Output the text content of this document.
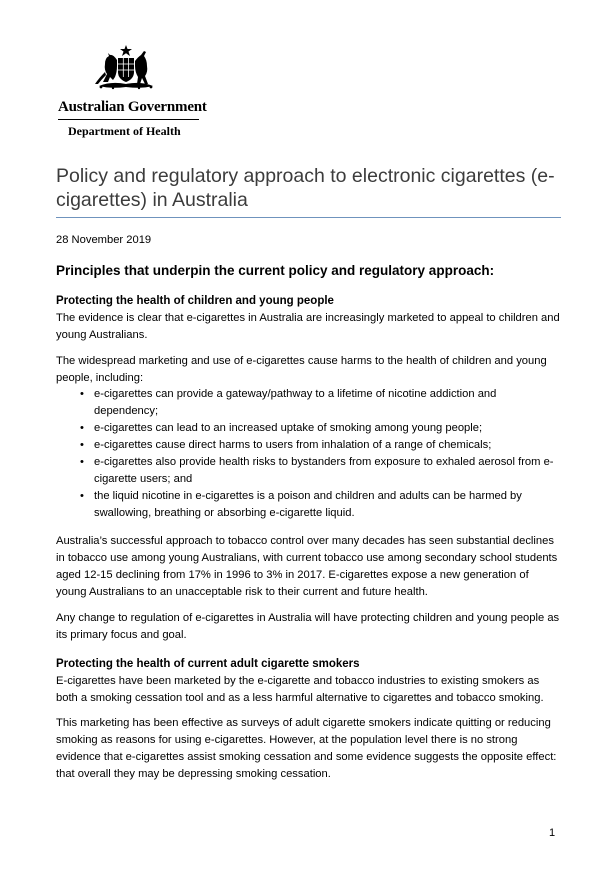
Australian Government
Department of Health
Policy and regulatory approach to electronic cigarettes (e-cigarettes) in Australia
28 November 2019
Principles that underpin the current policy and regulatory approach:
Protecting the health of children and young people

The evidence is clear that e-cigarettes in Australia are increasingly marketed to appeal to children and young Australians.

The widespread marketing and use of e-cigarettes cause harms to the health of children and young people, including:

• e-cigarettes can provide a gateway/pathway to a lifetime of nicotine addiction and dependency;
• e-cigarettes can lead to an increased uptake of smoking among young people;
• e-cigarettes cause direct harms to users from inhalation of a range of chemicals;
• e-cigarettes also provide health risks to bystanders from exposure to exhaled aerosol from e-cigarette users; and
• the liquid nicotine in e-cigarettes is a poison and children and adults can be harmed by swallowing, breathing or absorbing e-cigarette liquid.

Australia’s successful approach to tobacco control over many decades has seen substantial declines in tobacco use among young Australians, with current tobacco use among secondary school students aged 12-15 declining from 17% in 1996 to 3% in 2017. E-cigarettes expose a new generation of young Australians to an unacceptable risk to their current and future health.

Any change to regulation of e-cigarettes in Australia will have protecting children and young people as its primary focus and goal.

Protecting the health of current adult cigarette smokers

E-cigarettes have been marketed by the e-cigarette and tobacco industries to existing smokers as both a smoking cessation tool and as a less harmful alternative to cigarettes and tobacco smoking.

This marketing has been effective as surveys of adult cigarette smokers indicate quitting or reducing smoking as reasons for using e-cigarettes. However, at the population level there is no strong evidence that e-cigarettes assist smoking cessation and some evidence suggests the opposite effect: that overall they may be depressing smoking cessation.

1
